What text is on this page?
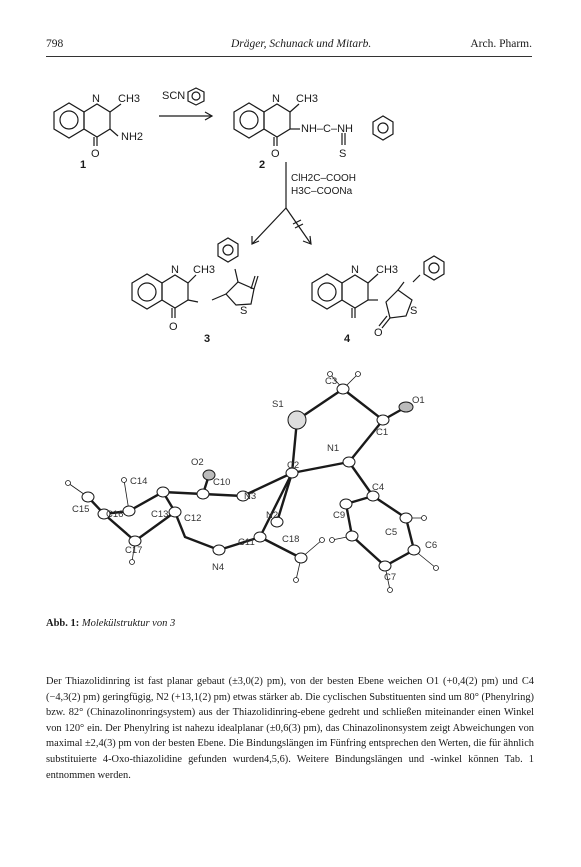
798	Dräger, Schunack und Mitarb.	Arch. Pharm.
N CH3
NH2
O
1
SCN	N CH3
NH–C–NH
S
O
2
ClH2C–COOH
H3C–COONa
N CH3
O
S
3
N CH3
O
S
4
C3
O1
S1
C1
N1
C2
O2
C4
C14	C10
N3
C15 C16	C13 C12	N2	C9
C5
C6
C11	C18
C17
N4
C7
Abb. 1: Molekülstruktur von 3
Der Thiazolidinring ist fast planar gebaut (±3,0(2) pm), von der besten Ebene weichen O1 (+0,4(2) pm) und C4 (−4,3(2) pm) geringfügig, N2 (+13,1(2) pm) etwas stärker ab. Die cyclischen Substituenten sind um 80° (Phenylring) bzw. 82° (Chinazolinonringsystem) aus der Thiazolidinring-ebene gedreht und schließen miteinander einen Winkel von 120° ein. Der Phenylring ist nahezu idealplanar (±0,6(3) pm), das Chinazolinonsystem zeigt Abweichungen von maximal ±2,4(3) pm von der besten Ebene. Die Bindungslängen im Fünfring entsprechen den Werten, die für ähnlich substituierte 4-Oxo-thiazolidine gefunden wurden4,5,6). Weitere Bindungslängen und -winkel können Tab. 1 entnommen werden.
